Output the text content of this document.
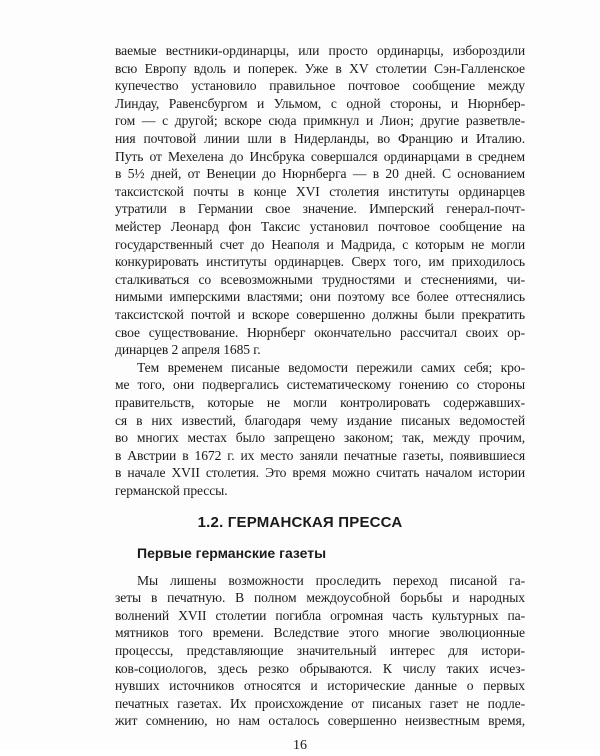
ваемые вестники-ординарцы, или просто ординарцы, избороздили
всю Европу вдоль и поперек. Уже в XV столетии Сэн-Галленское
купечество установило правильное почтовое сообщение между
Линдау, Равенсбургом и Ульмом, с одной стороны, и Нюрнбер-
гом — с другой; вскоре сюда примкнул и Лион; другие разветвле-
ния почтовой линии шли в Нидерланды, во Францию и Италию.
Путь от Мехелена до Инсбрука совершался ординарцами в среднем
в 5½ дней, от Венеции до Нюрнберга — в 20 дней. С основанием
таксистской почты в конце XVI столетия институты ординарцев
утратили в Германии свое значение. Имперский генерал-почт-
мейстер Леонард фон Таксис установил почтовое сообщение на
государственный счет до Неаполя и Мадрида, с которым не могли
конкурировать институты ординарцев. Сверх того, им приходилось
сталкиваться со всевозможными трудностями и стеснениями, чи-
нимыми имперскими властями; они поэтому все более оттеснялись
таксистской почтой и вскоре совершенно должны были прекратить
свое существование. Нюрнберг окончательно рассчитал своих ор-
динарцев 2 апреля 1685 г.
Тем временем писаные ведомости пережили самих себя; кро-
ме того, они подвергались систематическому гонению со стороны
правительств, которые не могли контролировать содержавших-
ся в них известий, благодаря чему издание писаных ведомостей
во многих местах было запрещено законом; так, между прочим,
в Австрии в 1672 г. их место заняли печатные газеты, появившиеся
в начале XVII столетия. Это время можно считать началом истории
германской прессы.
1.2. ГЕРМАНСКАЯ ПРЕССА
Первые германские газеты
Мы лишены возможности проследить переход писаной га-
зеты в печатную. В полном междоусобной борьбы и народных
волнений XVII столетии погибла огромная часть культурных па-
мятников того времени. Вследствие этого многие эволюционные
процессы, представляющие значительный интерес для истори-
ков-социологов, здесь резко обрываются. К числу таких исчез-
нувших источников относятся и исторические данные о первых
печатных газетах. Их происхождение от писаных газет не подле-
жит сомнению, но нам осталось совершенно неизвестным время,
16
